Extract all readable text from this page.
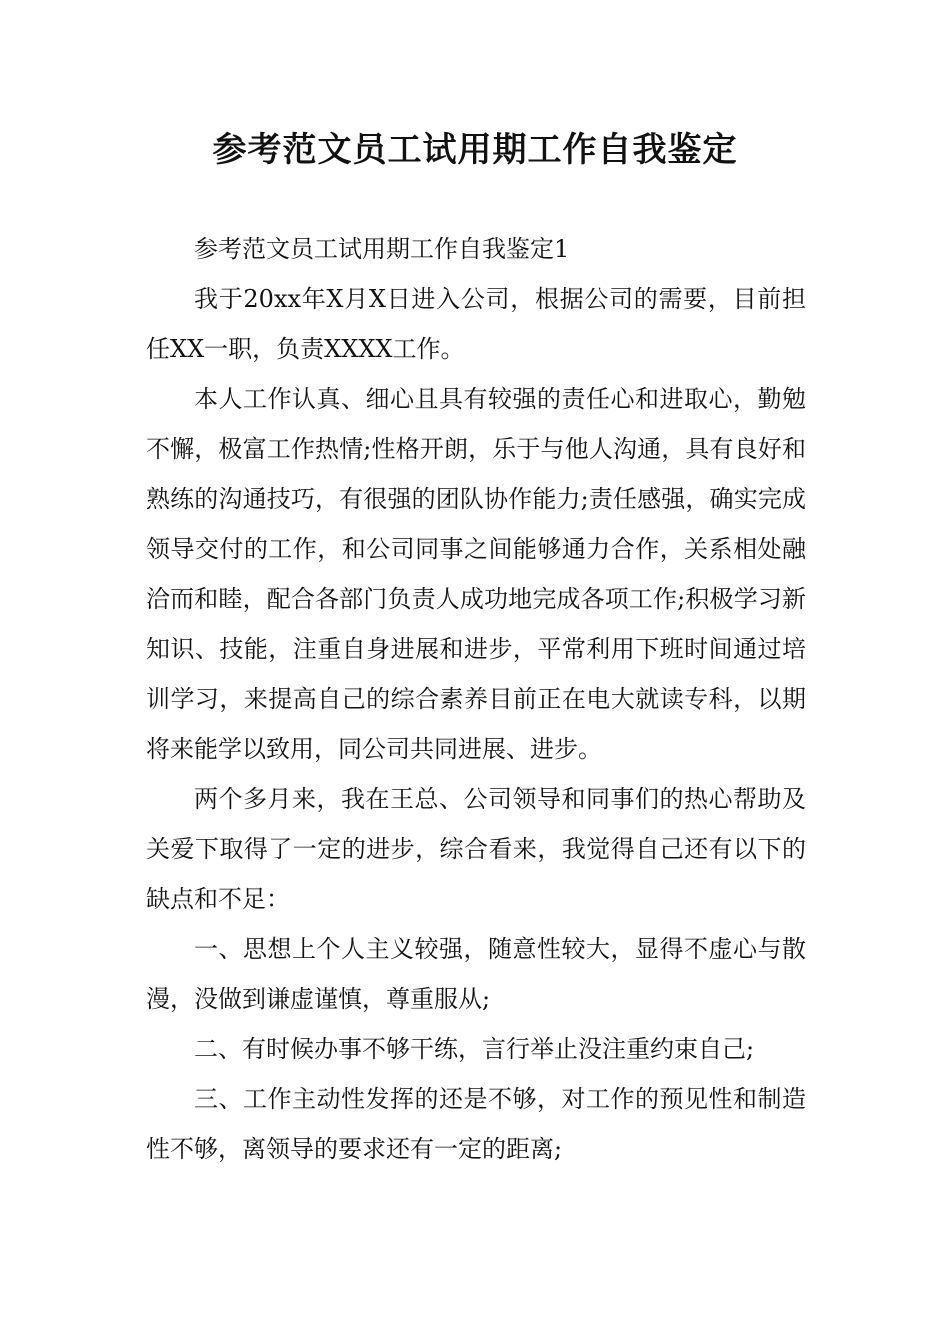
参考范文员工试用期工作自我鉴定

参考范文员工试用期工作自我鉴定1

我于20xx年X月X日进入公司，根据公司的需要，目前担任XX一职，负责XXXX工作。

本人工作认真、细心且具有较强的责任心和进取心，勤勉不懈，极富工作热情;性格开朗，乐于与他人沟通，具有良好和熟练的沟通技巧，有很强的团队协作能力;责任感强，确实完成领导交付的工作，和公司同事之间能够通力合作，关系相处融洽而和睦，配合各部门负责人成功地完成各项工作;积极学习新知识、技能，注重自身进展和进步，平常利用下班时间通过培训学习，来提高自己的综合素养目前正在电大就读专科，以期将来能学以致用，同公司共同进展、进步。

两个多月来，我在王总、公司领导和同事们的热心帮助及关爱下取得了一定的进步，综合看来，我觉得自己还有以下的缺点和不足：

一、思想上个人主义较强，随意性较大，显得不虚心与散漫，没做到谦虚谨慎，尊重服从;

二、有时候办事不够干练，言行举止没注重约束自己;

三、工作主动性发挥的还是不够，对工作的预见性和制造性不够，离领导的要求还有一定的距离;
